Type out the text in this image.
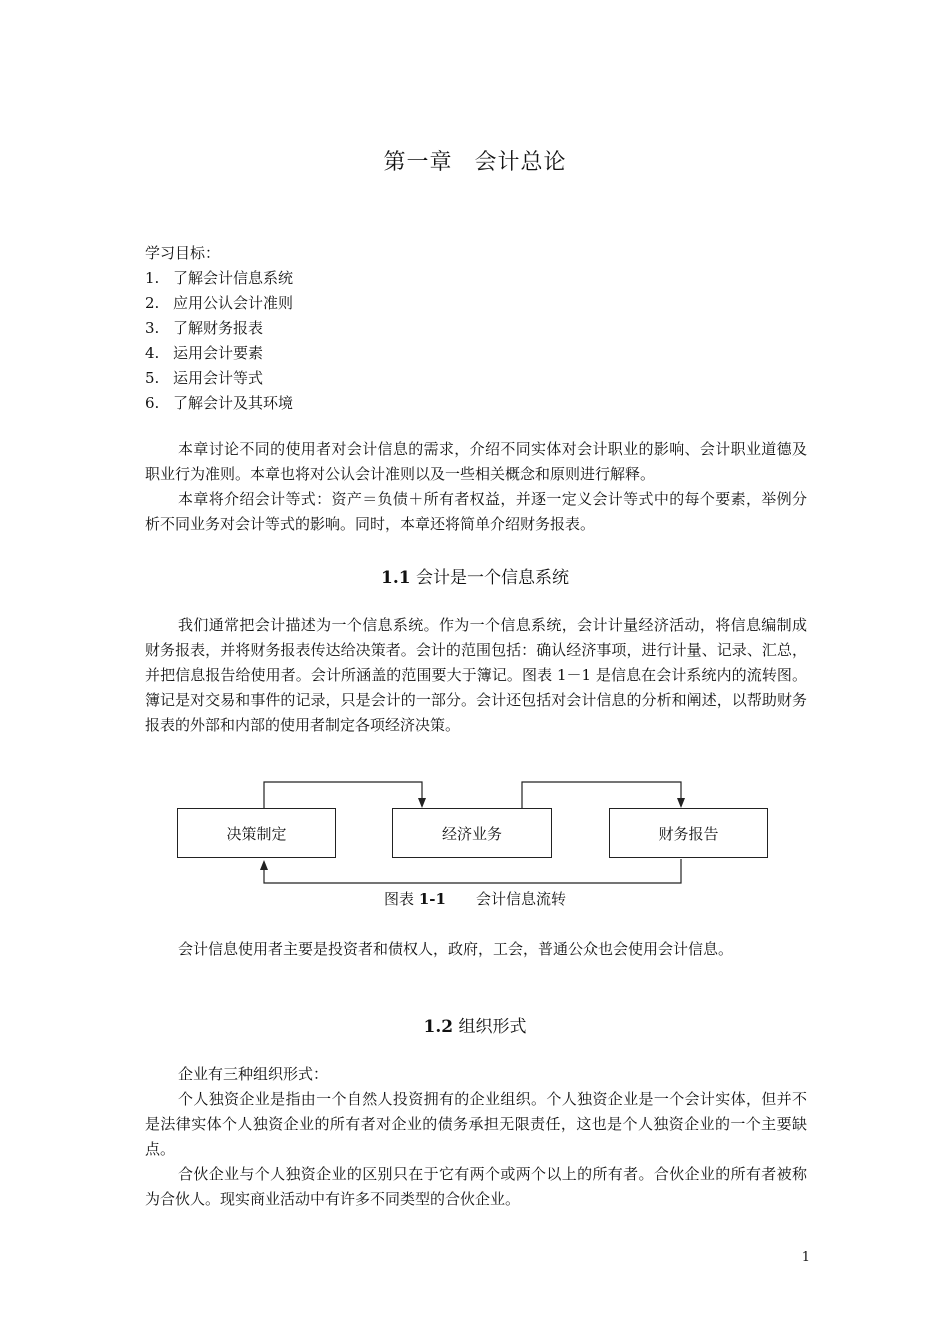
第一章 会计总论
学习目标：
1. 了解会计信息系统
2. 应用公认会计准则
3. 了解财务报表
4. 运用会计要素
5. 运用会计等式
6. 了解会计及其环境

本章讨论不同的使用者对会计信息的需求，介绍不同实体对会计职业的影响、会计职业道德及职业行为准则。本章也将对公认会计准则以及一些相关概念和原则进行解释。

本章将介绍会计等式：资产＝负债＋所有者权益，并逐一定义会计等式中的每个要素，举例分析不同业务对会计等式的影响。同时，本章还将简单介绍财务报表。

1.1 会计是一个信息系统

我们通常把会计描述为一个信息系统。作为一个信息系统，会计计量经济活动，将信息编制成财务报表，并将财务报表传达给决策者。会计的范围包括：确认经济事项，进行计量、记录、汇总，并把信息报告给使用者。会计所涵盖的范围要大于簿记。图表 1－1 是信息在会计系统内的流转图。簿记是对交易和事件的记录，只是会计的一部分。会计还包括对会计信息的分析和阐述，以帮助财务报表的外部和内部的使用者制定各项经济决策。

决策制定	经济业务	财务报告
图表 1-1 会计信息流转

会计信息使用者主要是投资者和债权人，政府，工会，普通公众也会使用会计信息。

1.2 组织形式

企业有三种组织形式：

个人独资企业是指由一个自然人投资拥有的企业组织。个人独资企业是一个会计实体，但并不是法律实体个人独资企业的所有者对企业的债务承担无限责任，这也是个人独资企业的一个主要缺点。

合伙企业与个人独资企业的区别只在于它有两个或两个以上的所有者。合伙企业的所有者被称为合伙人。现实商业活动中有许多不同类型的合伙企业。

1
